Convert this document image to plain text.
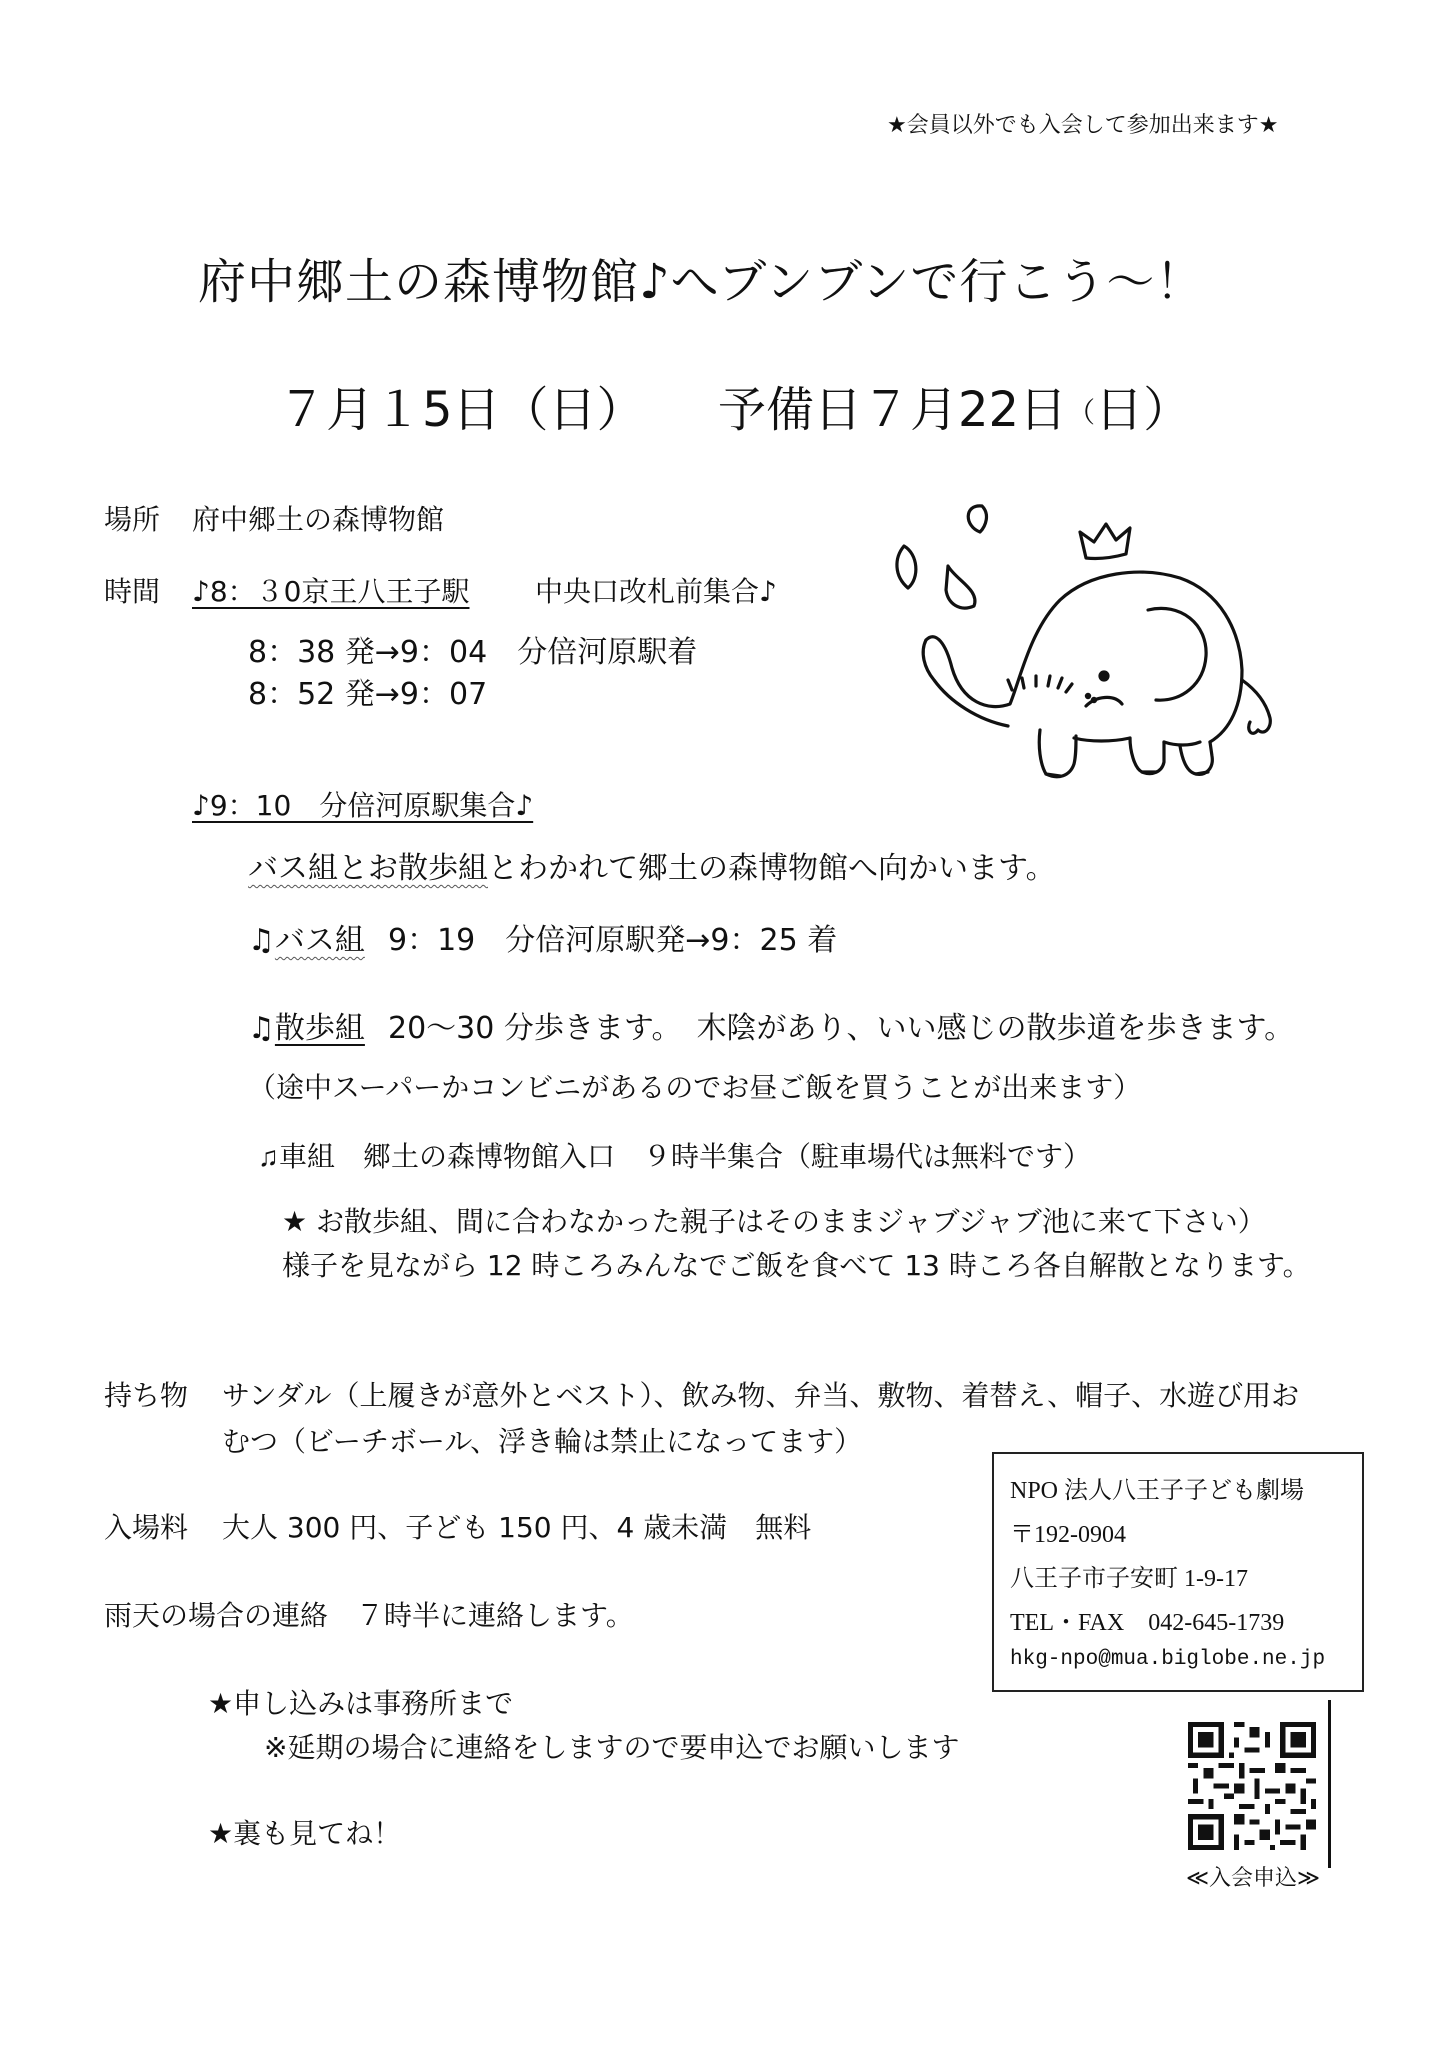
★会員以外でも入会して参加出来ます★
府中郷土の森博物館♪へブンブンで行こう～！
７月１5日（日） 予備日７月22日（日）
場所 府中郷土の森博物館
時間 ♪8：３0京王八王子駅 中央口改札前集合♪
8：38 発→9：04　分倍河原駅着
8：52 発→9：07
♪9：10　分倍河原駅集合♪
バス組とお散歩組とわかれて郷土の森博物館へ向かいます。
♫バス組 9：19　分倍河原駅発→9：25 着
♫散歩組 20～30 分歩きます。　木陰があり、いい感じの散歩道を歩きます。
（途中スーパーかコンビニがあるのでお昼ご飯を買うことが出来ます）
♫車組　郷土の森博物館入口　９時半集合（駐車場代は無料です）
★ お散歩組、間に合わなかった親子はそのままジャブジャブ池に来て下さい）
様子を見ながら 12 時ころみんなでご飯を食べて 13 時ころ各自解散となります。
持ち物 サンダル（上履きが意外とベスト）、飲み物、弁当、敷物、着替え、帽子、水遊び用お
むつ（ビーチボール、浮き輪は禁止になってます）
入場料 大人 300 円、子ども 150 円、4 歳未満　無料
雨天の場合の連絡　７時半に連絡します。
★申し込みは事務所まで
※延期の場合に連絡をしますので要申込でお願いします
★裏も見てね！
NPO 法人八王子子ども劇場
〒192-0904
八王子市子安町 1-9-17
TEL・FAX　042-645-1739
hkg-npo@mua.biglobe.ne.jp
≪入会申込≫
